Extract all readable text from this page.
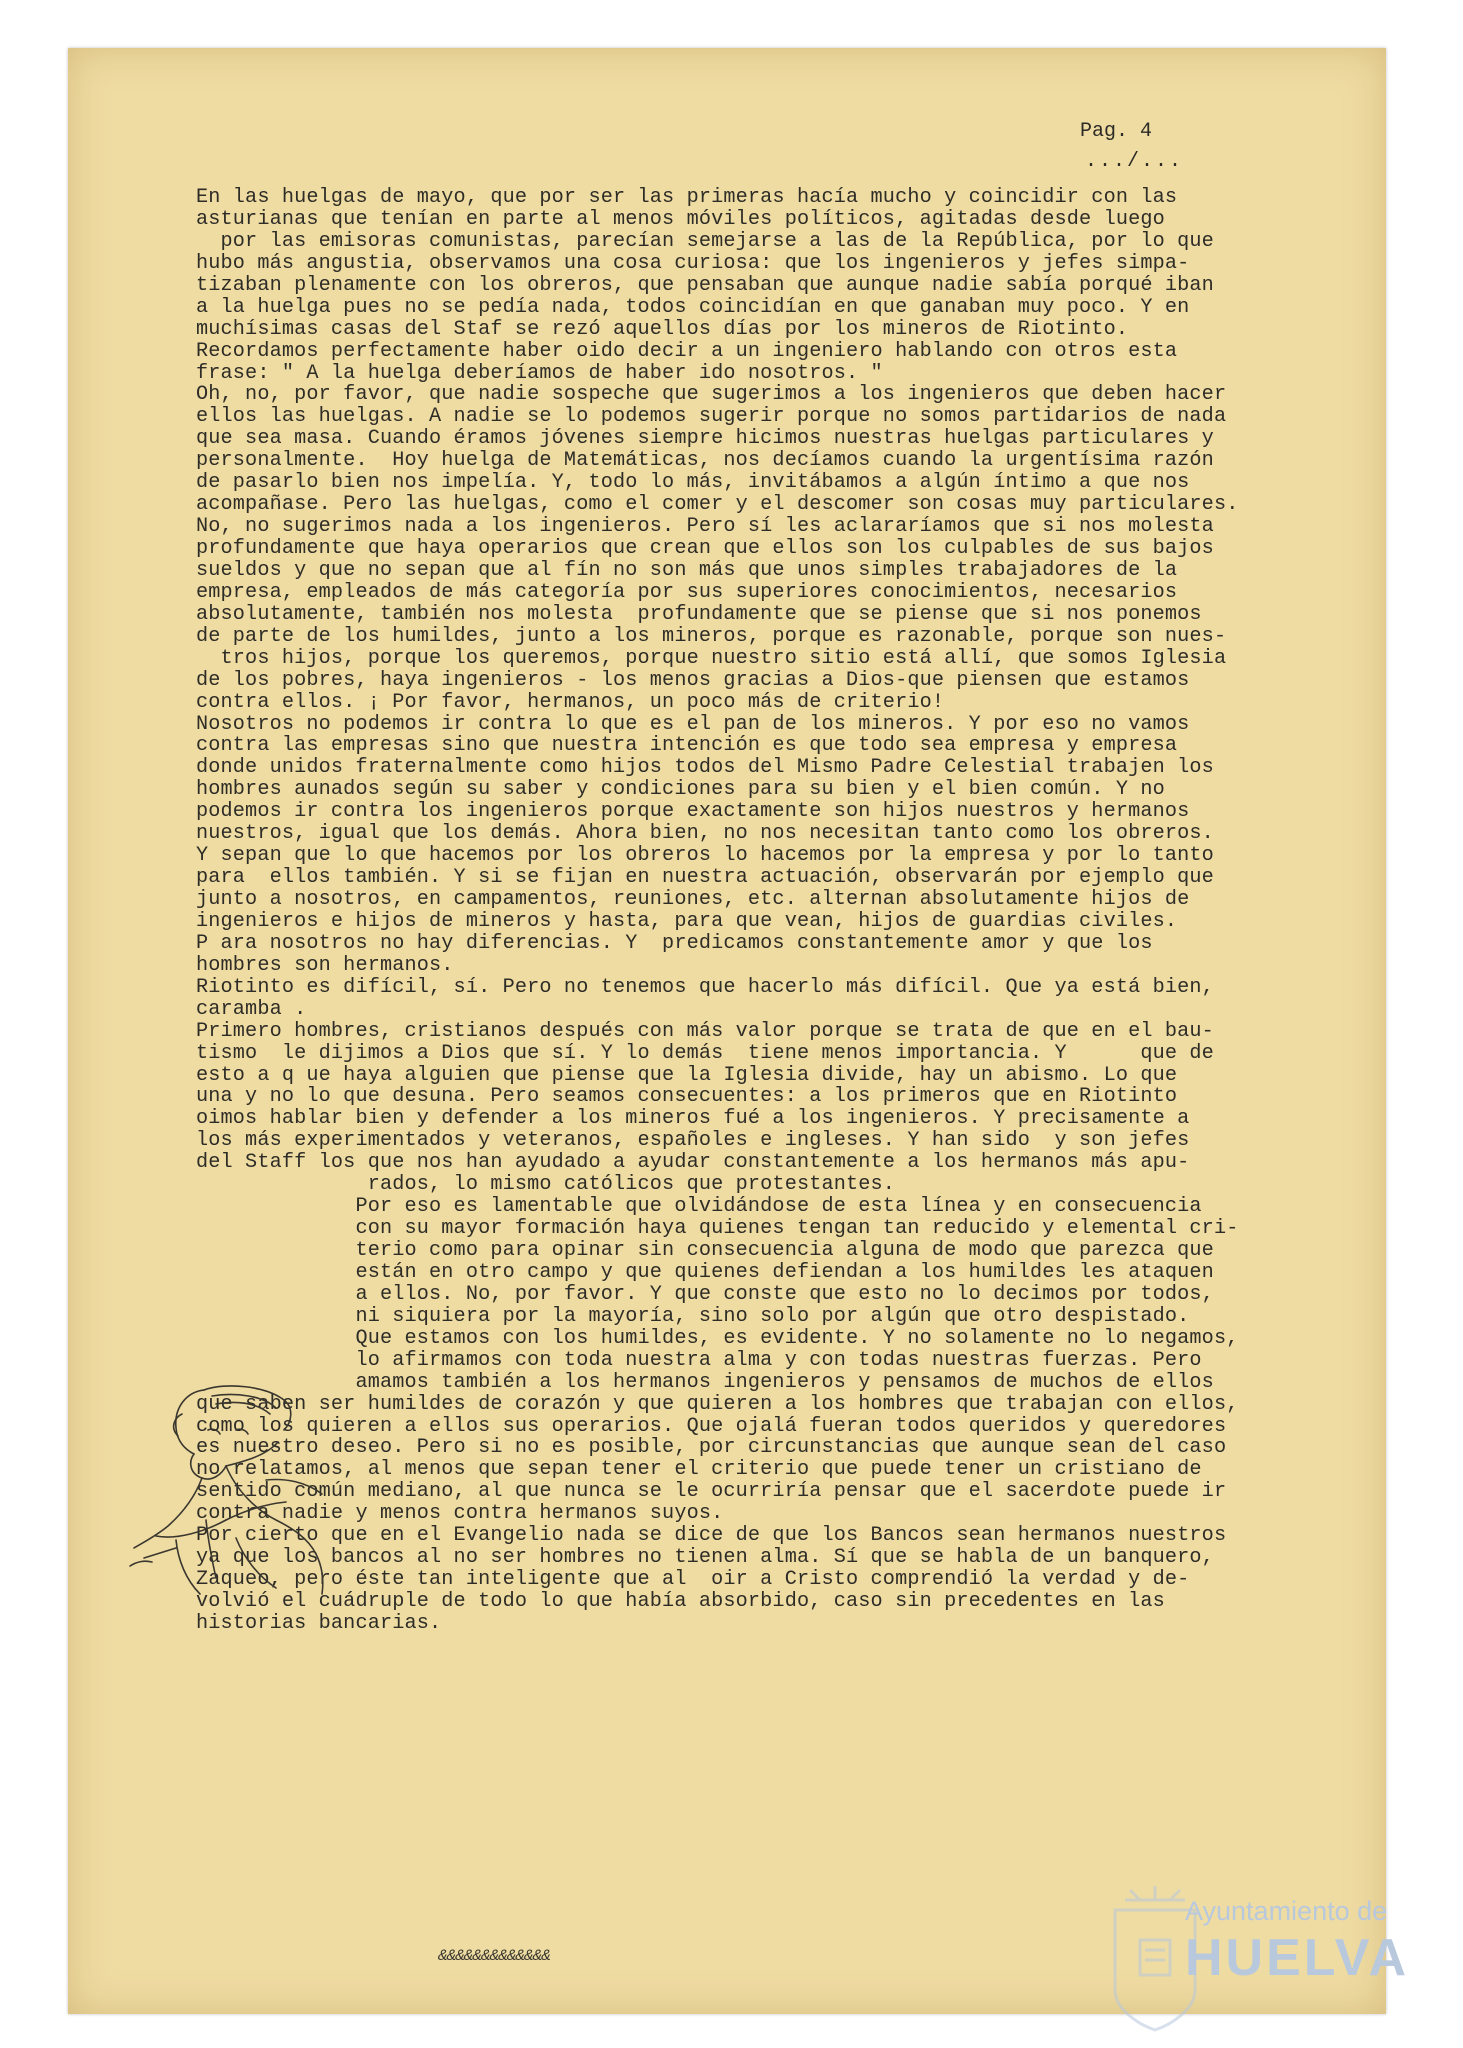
Pag. 4
.../...
En las huelgas de mayo, que por ser las primeras hacía mucho y coincidir con las
asturianas que tenían en parte al menos móviles políticos, agitadas desde luego
por las emisoras comunistas, parecían semejarse a las de la República, por lo que
hubo más angustia, observamos una cosa curiosa: que los ingenieros y jefes simpa-
tizaban plenamente con los obreros, que pensaban que aunque nadie sabía porqué iban
a la huelga pues no se pedía nada, todos coincidían en que ganaban muy poco. Y en
muchísimas casas del Staf se rezó aquellos días por los mineros de Riotinto.
Recordamos perfectamente haber oido decir a un ingeniero hablando con otros esta
frase: " A la huelga deberíamos de haber ido nosotros. "
Oh, no, por favor, que nadie sospeche que sugerimos a los ingenieros que deben hacer
ellos las huelgas. A nadie se lo podemos sugerir porque no somos partidarios de nada
que sea masa. Cuando éramos jóvenes siempre hicimos nuestras huelgas particulares y
personalmente.  Hoy huelga de Matemáticas, nos decíamos cuando la urgentísima razón
de pasarlo bien nos impelía. Y, todo lo más, invitábamos a algún íntimo a que nos
acompañase. Pero las huelgas, como el comer y el descomer son cosas muy particulares.
No, no sugerimos nada a los ingenieros. Pero sí les aclararíamos que si nos molesta
profundamente que haya operarios que crean que ellos son los culpables de sus bajos
sueldos y que no sepan que al fín no son más que unos simples trabajadores de la
empresa, empleados de más categoría por sus superiores conocimientos, necesarios
absolutamente, también nos molesta  profundamente que se piense que si nos ponemos
de parte de los humildes, junto a los mineros, porque es razonable, porque son nues-
tros hijos, porque los queremos, porque nuestro sitio está allí, que somos Iglesia
de los pobres, haya ingenieros - los menos gracias a Dios-que piensen que estamos
contra ellos. ¡ Por favor, hermanos, un poco más de criterio!
Nosotros no podemos ir contra lo que es el pan de los mineros. Y por eso no vamos
contra las empresas sino que nuestra intención es que todo sea empresa y empresa
donde unidos fraternalmente como hijos todos del Mismo Padre Celestial trabajen los
hombres aunados según su saber y condiciones para su bien y el bien común. Y no
podemos ir contra los ingenieros porque exactamente son hijos nuestros y hermanos
nuestros, igual que los demás. Ahora bien, no nos necesitan tanto como los obreros.
Y sepan que lo que hacemos por los obreros lo hacemos por la empresa y por lo tanto
para  ellos también. Y si se fijan en nuestra actuación, observarán por ejemplo que
junto a nosotros, en campamentos, reuniones, etc. alternan absolutamente hijos de
ingenieros e hijos de mineros y hasta, para que vean, hijos de guardias civiles.
P ara nosotros no hay diferencias. Y  predicamos constantemente amor y que los
hombres son hermanos.
Riotinto es difícil, sí. Pero no tenemos que hacerlo más difícil. Que ya está bien,
caramba .
Primero hombres, cristianos después con más valor porque se trata de que en el bau-
tismo  le dijimos a Dios que sí. Y lo demás  tiene menos importancia. Y      que de
esto a q ue haya alguien que piense que la Iglesia divide, hay un abismo. Lo que
una y no lo que desuna. Pero seamos consecuentes: a los primeros que en Riotinto
oimos hablar bien y defender a los mineros fué a los ingenieros. Y precisamente a
los más experimentados y veteranos, españoles e ingleses. Y han sido  y son jefes
del Staff los que nos han ayudado a ayudar constantemente a los hermanos más apu-
rados, lo mismo católicos que protestantes.
Por eso es lamentable que olvidándose de esta línea y en consecuencia
con su mayor formación haya quienes tengan tan reducido y elemental cri-
terio como para opinar sin consecuencia alguna de modo que parezca que
están en otro campo y que quienes defiendan a los humildes les ataquen
a ellos. No, por favor. Y que conste que esto no lo decimos por todos,
ni siquiera por la mayoría, sino solo por algún que otro despistado.
Que estamos con los humildes, es evidente. Y no solamente no lo negamos,
lo afirmamos con toda nuestra alma y con todas nuestras fuerzas. Pero
amamos también a los hermanos ingenieros y pensamos de muchos de ellos
que saben ser humildes de corazón y que quieren a los hombres que trabajan con ellos,
como los quieren a ellos sus operarios. Que ojalá fueran todos queridos y queredores
es nuestro deseo. Pero si no es posible, por circunstancias que aunque sean del caso
no relatamos, al menos que sepan tener el criterio que puede tener un cristiano de
sentido común mediano, al que nunca se le ocurriría pensar que el sacerdote puede ir
contra nadie y menos contra hermanos suyos.
Por cierto que en el Evangelio nada se dice de que los Bancos sean hermanos nuestros
ya que los bancos al no ser hombres no tienen alma. Sí que se habla de un banquero,
Zaqueo, pero éste tan inteligente que al  oir a Cristo comprendió la verdad y de-
volvió el cuádruple de todo lo que había absorbido, caso sin precedentes en las
historias bancarias.
&&&&&&&&&&&&&
Ayuntamiento de
HUELVA
